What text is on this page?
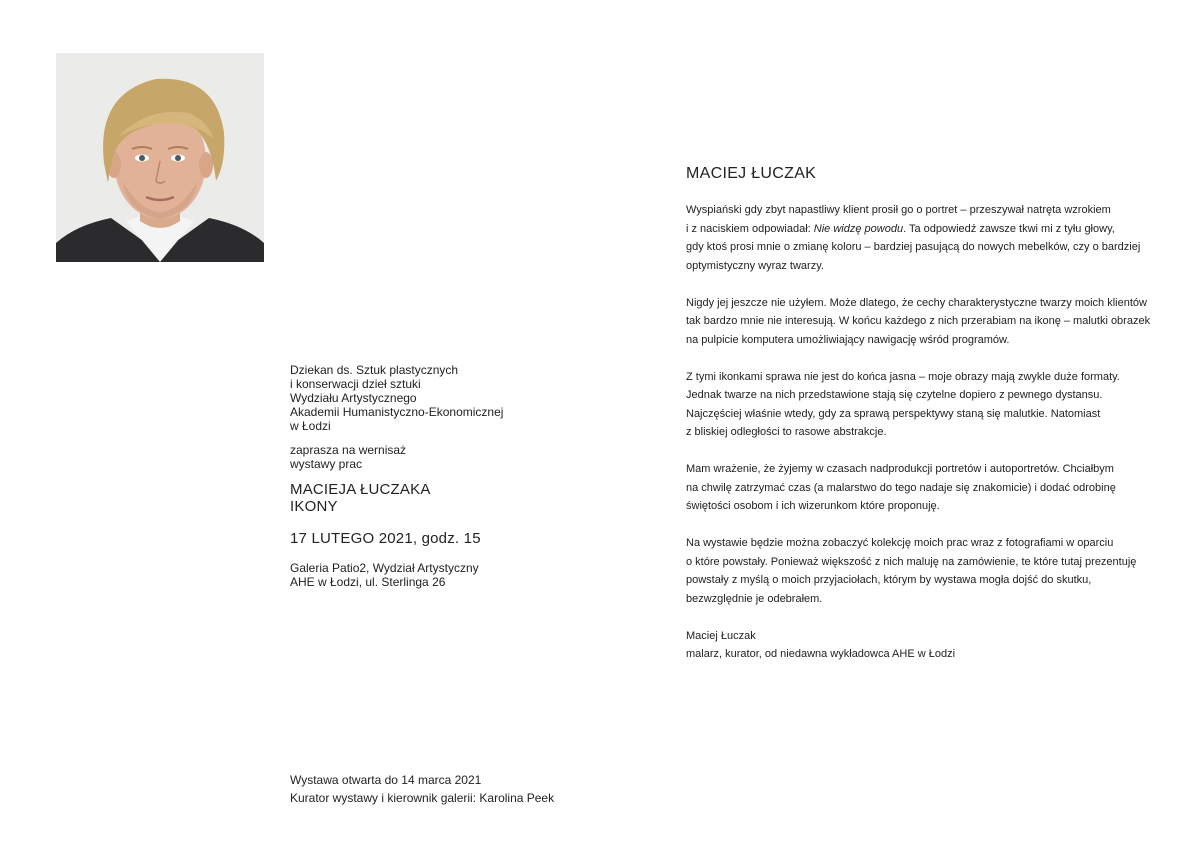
Dziekan ds. Sztuk plastycznych

i konserwacji dzieł sztuki

Wydziału Artystycznego

Akademii Humanistyczno-Ekonomicznej

w Łodzi

zaprasza na wernisaż

wystawy prac

MACIEJA ŁUCZAKA

IKONY

17 LUTEGO 2021, godz. 15

Galeria Patio2, Wydział Artystyczny

AHE w Łodzi, ul. Sterlinga 26

Wystawa otwarta do 14 marca 2021

Kurator wystawy i kierownik galerii: Karolina Peek

MACIEJ ŁUCZAK
Wyspiański gdy zbyt napastliwy klient prosił go o portret – przeszywał natręta wzrokiem
i z naciskiem odpowiadał: Nie widzę powodu. Ta odpowiedź zawsze tkwi mi z tyłu głowy,
gdy ktoś prosi mnie o zmianę koloru – bardziej pasującą do nowych mebelków, czy o bardziej
optymistyczny wyraz twarzy.
Nigdy jej jeszcze nie użyłem. Może dlatego, że cechy charakterystyczne twarzy moich klientów
tak bardzo mnie nie interesują. W końcu każdego z nich przerabiam na ikonę – malutki obrazek
na pulpicie komputera umożliwiający nawigację wśród programów.
Z tymi ikonkami sprawa nie jest do końca jasna – moje obrazy mają zwykle duże formaty.
Jednak twarze na nich przedstawione stają się czytelne dopiero z pewnego dystansu.
Najczęściej właśnie wtedy, gdy za sprawą perspektywy staną się malutkie. Natomiast
z bliskiej odległości to rasowe abstrakcje.
Mam wrażenie, że żyjemy w czasach nadprodukcji portretów i autoportretów. Chciałbym
na chwilę zatrzymać czas (a malarstwo do tego nadaje się znakomicie) i dodać odrobinę
świętości osobom i ich wizerunkom które proponuję.
Na wystawie będzie można zobaczyć kolekcję moich prac wraz z fotografiami w oparciu
o które powstały. Ponieważ większość z nich maluję na zamówienie, te które tutaj prezentuję
powstały z myślą o moich przyjaciołach, którym by wystawa mogła dojść do skutku,
bezwzględnie je odebrałem.

Maciej Łuczak

malarz, kurator, od niedawna wykładowca AHE w Łodzi
